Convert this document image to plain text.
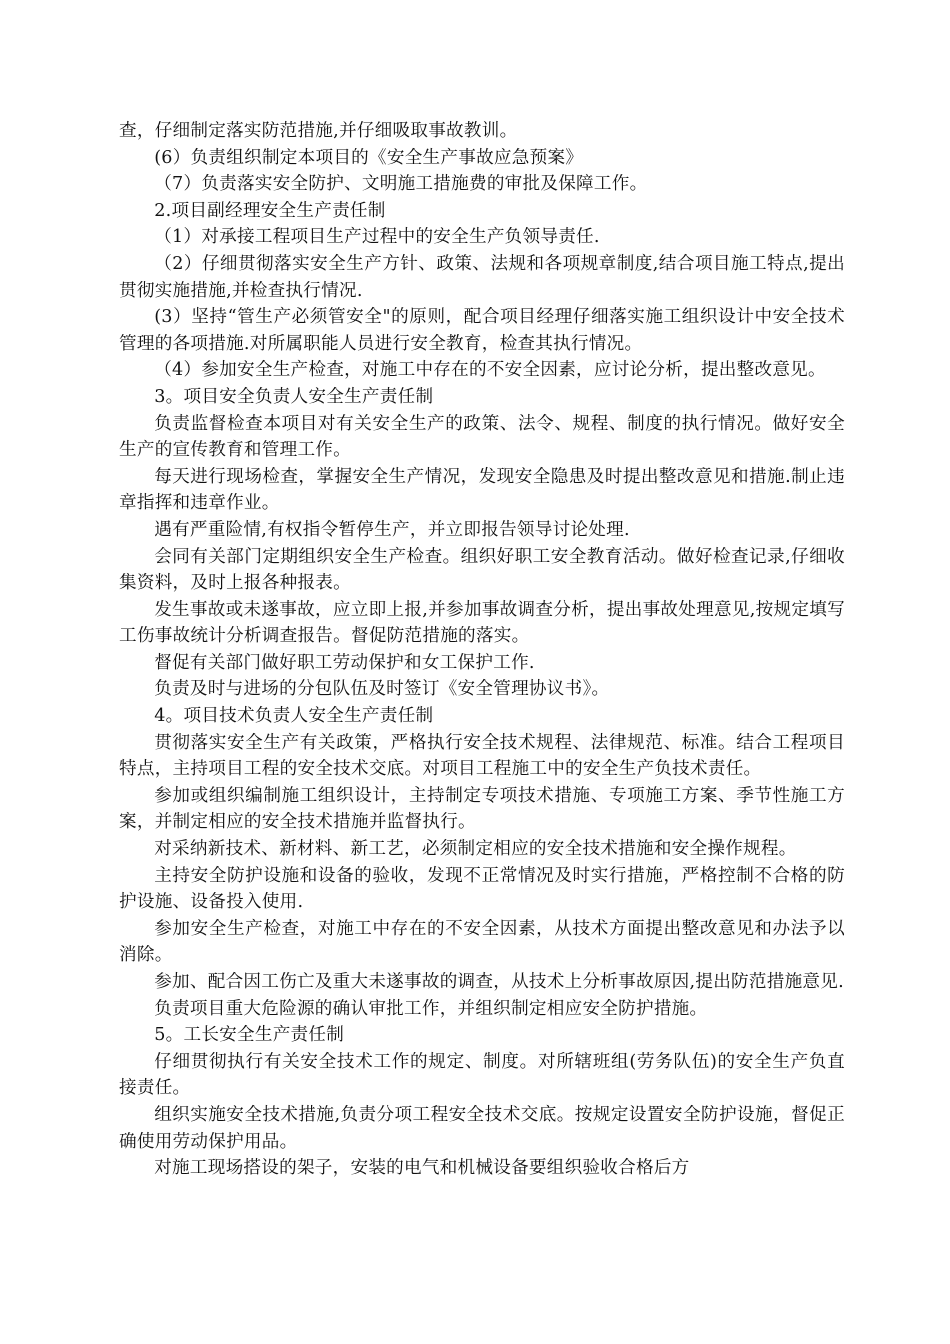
查，仔细制定落实防范措施,并仔细吸取事故教训。

(6）负责组织制定本项目的《安全生产事故应急预案》

（7）负责落实安全防护、文明施工措施费的审批及保障工作。

2.项目副经理安全生产责任制

（1）对承接工程项目生产过程中的安全生产负领导责任.

（2）仔细贯彻落实安全生产方针、政策、法规和各项规章制度,结合项目施工特点,提出贯彻实施措施,并检查执行情况.

(3）坚持“管生产必须管安全"的原则，配合项目经理仔细落实施工组织设计中安全技术管理的各项措施.对所属职能人员进行安全教育，检查其执行情况。

（4）参加安全生产检查，对施工中存在的不安全因素，应讨论分析，提出整改意见。

3。项目安全负责人安全生产责任制

负责监督检查本项目对有关安全生产的政策、法令、规程、制度的执行情况。做好安全生产的宣传教育和管理工作。

每天进行现场检查，掌握安全生产情况，发现安全隐患及时提出整改意见和措施.制止违章指挥和违章作业。

遇有严重险情,有权指令暂停生产，并立即报告领导讨论处理.

会同有关部门定期组织安全生产检查。组织好职工安全教育活动。做好检查记录,仔细收集资料，及时上报各种报表。

发生事故或未遂事故，应立即上报,并参加事故调查分析，提出事故处理意见,按规定填写工伤事故统计分析调查报告。督促防范措施的落实。

督促有关部门做好职工劳动保护和女工保护工作.

负责及时与进场的分包队伍及时签订《安全管理协议书》。

4。项目技术负责人安全生产责任制

贯彻落实安全生产有关政策，严格执行安全技术规程、法律规范、标准。结合工程项目特点，主持项目工程的安全技术交底。对项目工程施工中的安全生产负技术责任。

参加或组织编制施工组织设计，主持制定专项技术措施、专项施工方案、季节性施工方案，并制定相应的安全技术措施并监督执行。

对采纳新技术、新材料、新工艺，必须制定相应的安全技术措施和安全操作规程。

主持安全防护设施和设备的验收，发现不正常情况及时实行措施，严格控制不合格的防护设施、设备投入使用.

参加安全生产检查，对施工中存在的不安全因素，从技术方面提出整改意见和办法予以消除。

参加、配合因工伤亡及重大未遂事故的调查，从技术上分析事故原因,提出防范措施意见.

负责项目重大危险源的确认审批工作，并组织制定相应安全防护措施。

5。工长安全生产责任制

仔细贯彻执行有关安全技术工作的规定、制度。对所辖班组(劳务队伍)的安全生产负直接责任。

组织实施安全技术措施,负责分项工程安全技术交底。按规定设置安全防护设施，督促正确使用劳动保护用品。

对施工现场搭设的架子，安装的电气和机械设备要组织验收合格后方
